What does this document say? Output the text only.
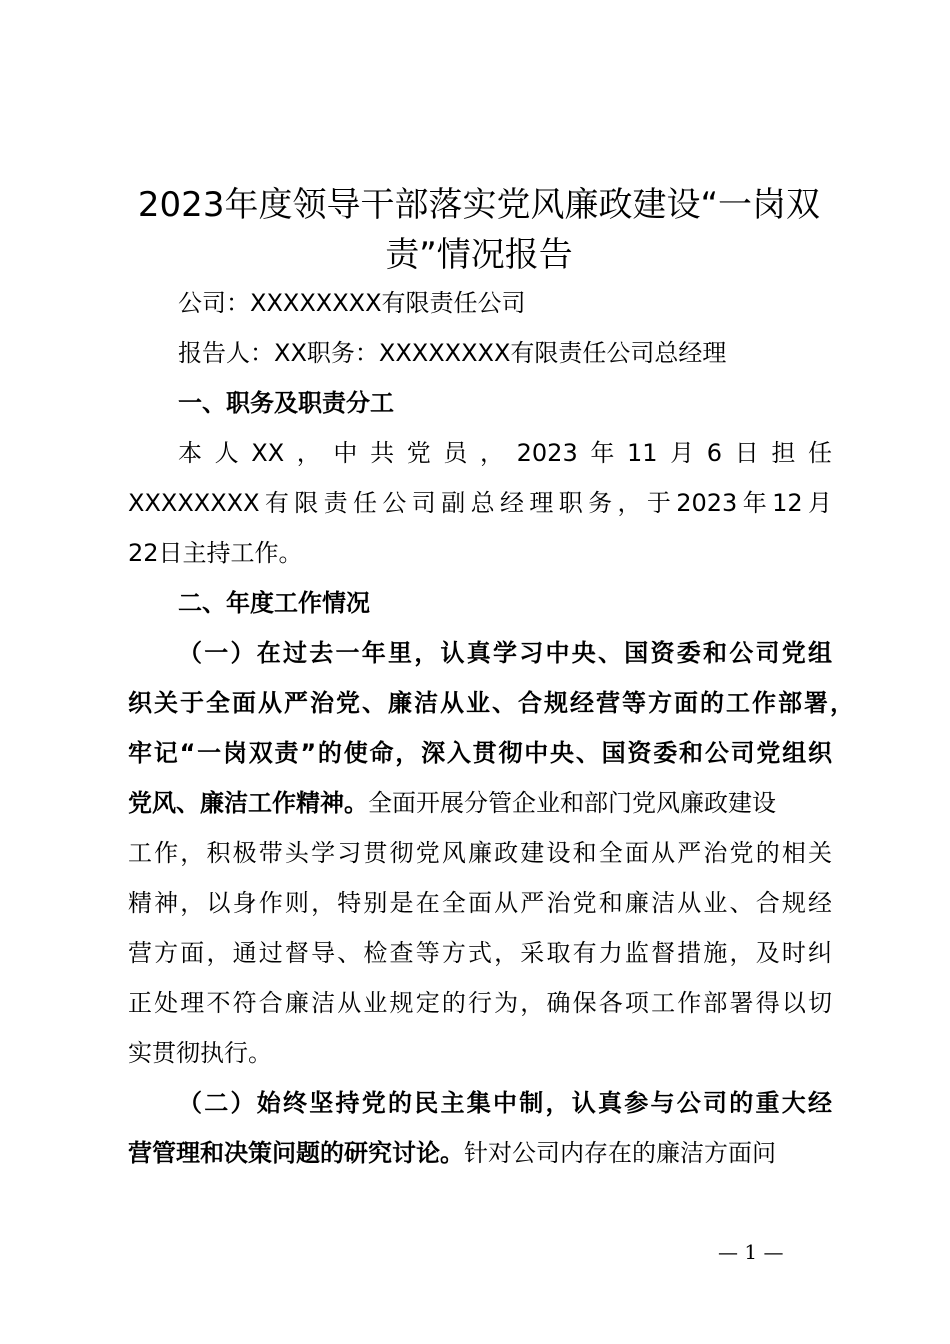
2023年度领导干部落实党风廉政建设“一岗双
责”情况报告

公司：XXXXXXXX有限责任公司

报告人：XX职务：XXXXXXXX有限责任公司总经理

一、职务及职责分工

本人XX，中共党员，2023年11月6日担任

XXXXXXXX有限责任公司副总经理职务，于2023年12月

22日主持工作。

二、年度工作情况

（一）在过去一年里，认真学习中央、国资委和公司党组

织关于全面从严治党、廉洁从业、合规经营等方面的工作部署，

牢记“一岗双责”的使命，深入贯彻中央、国资委和公司党组织

党风、廉洁工作精神。全面开展分管企业和部门党风廉政建设

工作，积极带头学习贯彻党风廉政建设和全面从严治党的相关

精神，以身作则，特别是在全面从严治党和廉洁从业、合规经

营方面，通过督导、检查等方式，采取有力监督措施，及时纠

正处理不符合廉洁从业规定的行为，确保各项工作部署得以切

实贯彻执行。

（二）始终坚持党的民主集中制，认真参与公司的重大经

营管理和决策问题的研究讨论。针对公司内存在的廉洁方面问

— 1 —
